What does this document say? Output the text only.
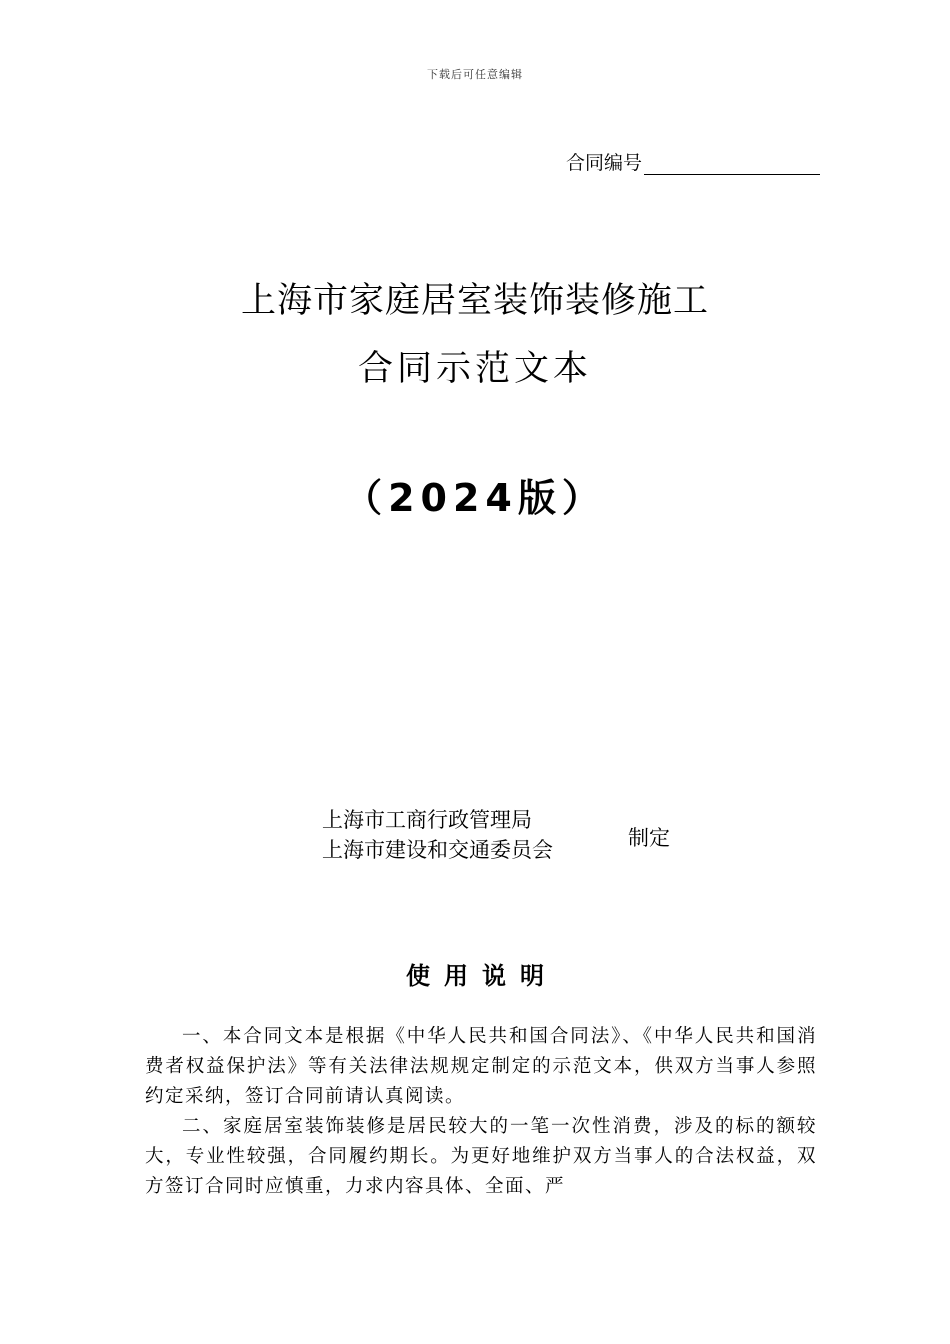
下载后可任意编辑
合同编号
上海市家庭居室装饰装修施工
合同示范文本
（2024版）
上海市工商行政管理局
上海市建设和交通委员会	制定
使用说明

一、本合同文本是根据《中华人民共和国合同法》、《中华人民共和国消费者权益保护法》等有关法律法规规定制定的示范文本，供双方当事人参照约定采纳，签订合同前请认真阅读。

二、家庭居室装饰装修是居民较大的一笔一次性消费，涉及的标的额较大，专业性较强，合同履约期长。为更好地维护双方当事人的合法权益，双方签订合同时应慎重，力求内容具体、全面、严
